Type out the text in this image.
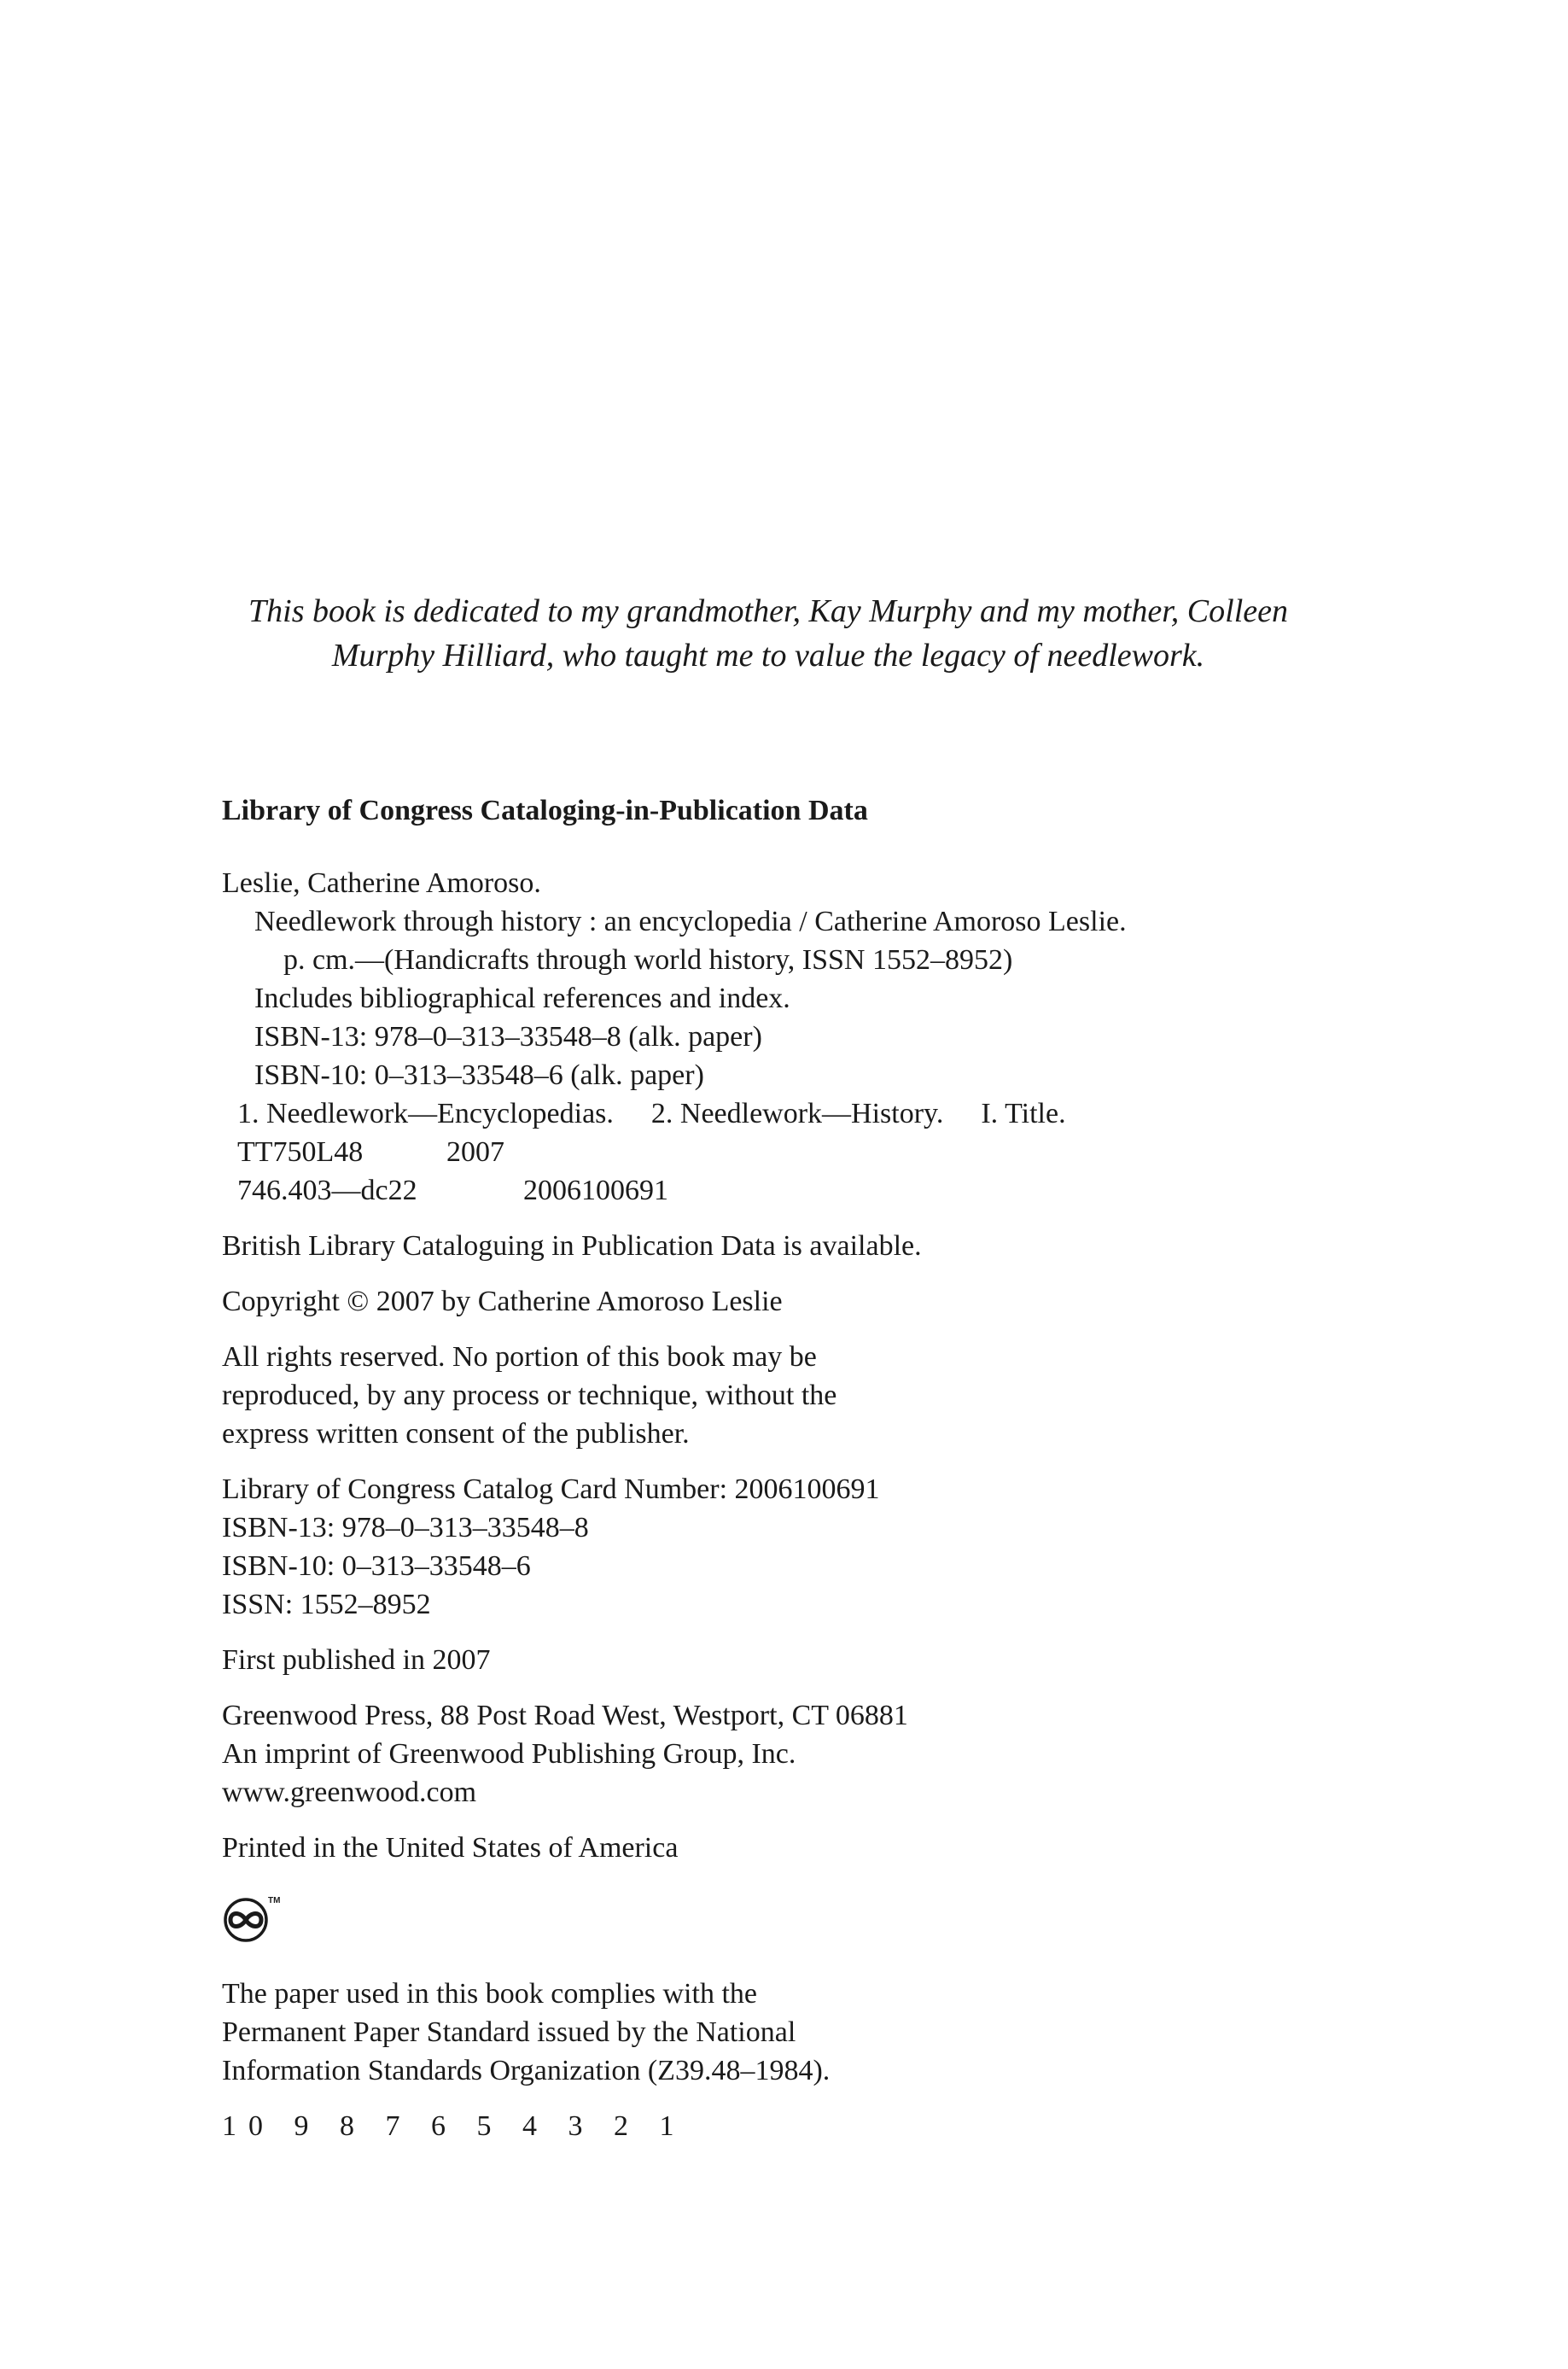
This book is dedicated to my grandmother, Kay Murphy and my mother, Colleen
Murphy Hilliard, who taught me to value the legacy of needlework.
Library of Congress Cataloging-in-Publication Data
Leslie, Catherine Amoroso.
Needlework through history : an encyclopedia / Catherine Amoroso Leslie.
p. cm.—(Handicrafts through world history, ISSN 1552–8952)
Includes bibliographical references and index.
ISBN-13: 978–0–313–33548–8 (alk. paper)
ISBN-10: 0–313–33548–6 (alk. paper)
1. Needlework—Encyclopedias. 2. Needlework—History. I. Title.
TT750L48	2007
746.403—dc22	2006100691
British Library Cataloguing in Publication Data is available.
Copyright © 2007 by Catherine Amoroso Leslie
All rights reserved. No portion of this book may be
reproduced, by any process or technique, without the
express written consent of the publisher.
Library of Congress Catalog Card Number: 2006100691
ISBN-13: 978–0–313–33548–8
ISBN-10: 0–313–33548–6
ISSN: 1552–8952
First published in 2007
Greenwood Press, 88 Post Road West, Westport, CT 06881
An imprint of Greenwood Publishing Group, Inc.
www.greenwood.com
Printed in the United States of America
TM
The paper used in this book complies with the
Permanent Paper Standard issued by the National
Information Standards Organization (Z39.48–1984).
10 9 8 7 6 5 4 3 2 1
